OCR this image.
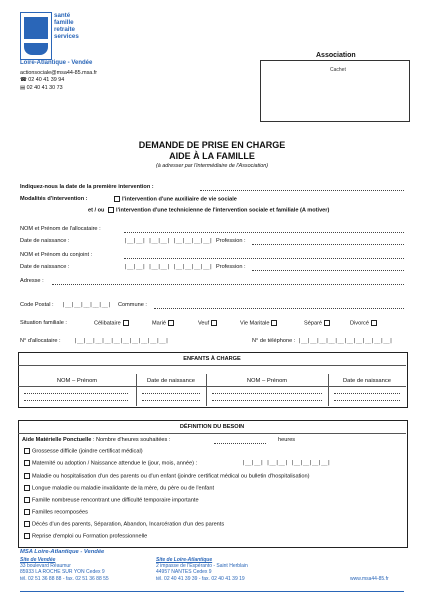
santé
famille
retraite
services
Loire-Atlantique - Vendée
actionsociale@msa44-85.msa.fr
☎ 02 40 41 39 94
▤ 02 40 41 30 73
Association
Cachet
DEMANDE DE PRISE EN CHARGE
AIDE À LA FAMILLE
(à adresser par l'intermédiaire de l'Association)
Indiquez-nous la date de la première intervention :
Modalités d'intervention :	l'intervention d'une auxiliaire de vie sociale
et / ou l'intervention d'une technicienne de l'intervention sociale et familiale (A motiver)
NOM et Prénom de l'allocataire :
Date de naissance :	|__|__| |__|__| |__|__|__|__| Profession :
NOM et Prénom du conjoint :
Date de naissance :	|__|__| |__|__| |__|__|__|__| Profession :
Adresse :
Code Postal : |__|__|__|__|__| Commune :
Situation familiale :	Célibataire	Marié	Veuf	Vie Maritale	Séparé	Divorcé
N° d'allocataire : |__|__|__|__|__|__|__|__|__|__|	N° de téléphone : |__|__|__|__|__|__|__|__|__|__|
ENFANTS À CHARGE
NOM – Prénom	Date de naissance	NOM – Prénom	Date de naissance
DÉFINITION DU BESOIN
Aide Matérielle Ponctuelle : Nombre d'heures souhaitées :	heures
Grossesse difficile (joindre certificat médical)
Maternité ou adoption / Naissance attendue le (jour, mois, année) :	|__|__| |__|__| |__|__|__|__|
Maladie ou hospitalisation d'un des parents ou d'un enfant (joindre certificat médical ou bulletin d'hospitalisation)
Longue maladie ou maladie invalidante de la mère, du père ou de l'enfant
Famille nombreuse rencontrant une difficulté temporaire importante
Familles recomposées
Décès d'un des parents, Séparation, Abandon, Incarcération d'un des parents
Reprise d'emploi ou Formation professionnelle
MSA Loire-Atlantique - Vendée
Site de Vendée
33 boulevard Réaumur
85933 LA ROCHE SUR YON Cedex 9
tél. 02 51 36 88 88 - fax. 02 51 36 88 55
Site de Loire-Atlantique
2 impasse de l'Espéranto - Saint Herblain
44957 NANTES Cedex 9
tél. 02 40 41 39 39 - fax. 02 40 41 39 19	www.msa44-85.fr
